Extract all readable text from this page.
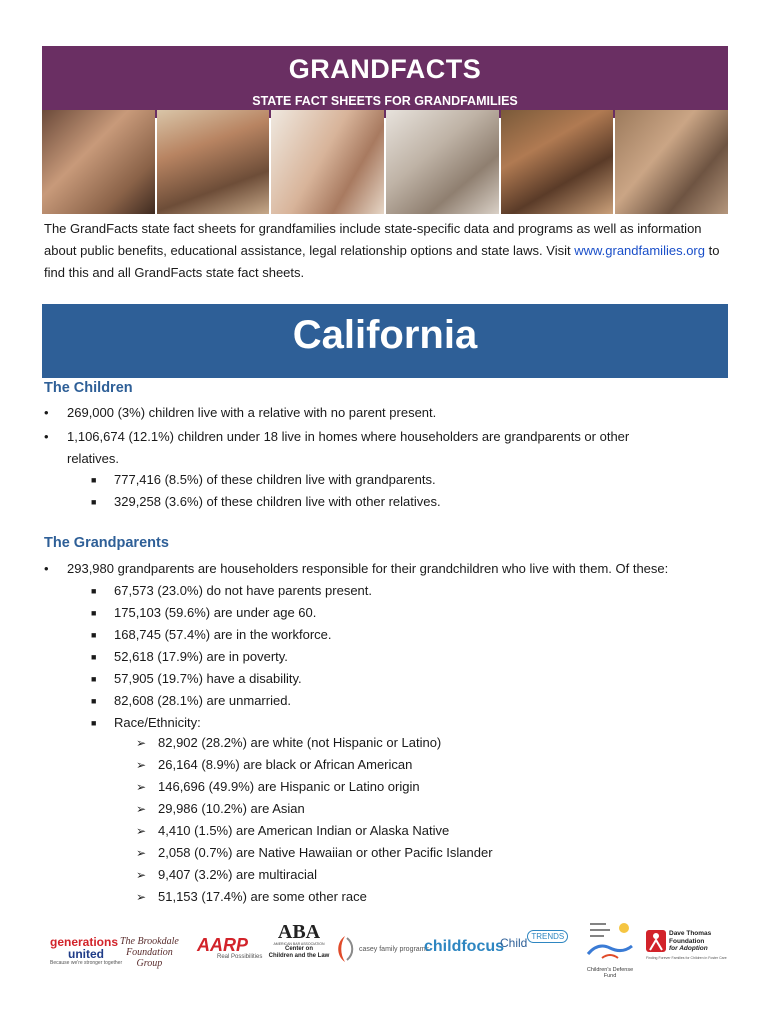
GRANDFACTS
STATE FACT SHEETS FOR GRANDFAMILIES
The GrandFacts state fact sheets for grandfamilies include state-specific data and programs as well as information about public benefits, educational assistance, legal relationship options and state laws. Visit www.grandfamilies.org to find this and all GrandFacts state fact sheets.
California
The Children
• 269,000 (3%) children live with a relative with no parent present.
• 1,106,674 (12.1%) children under 18 live in homes where householders are grandparents or other
relatives.
■ 777,416 (8.5%) of these children live with grandparents.
■ 329,258 (3.6%) of these children live with other relatives.
The Grandparents
• 293,980 grandparents are householders responsible for their grandchildren who live with them. Of these:
■ 67,573 (23.0%) do not have parents present.
■ 175,103 (59.6%) are under age 60.
■ 168,745 (57.4%) are in the workforce.
■ 52,618 (17.9%) are in poverty.
■ 57,905 (19.7%) have a disability.
■ 82,608 (28.1%) are unmarried.
■ Race/Ethnicity:
➢ 82,902 (28.2%) are white (not Hispanic or Latino)
➢ 26,164 (8.9%) are black or African American
➢ 146,696 (49.9%) are Hispanic or Latino origin
➢ 29,986 (10.2%) are Asian
➢ 4,410 (1.5%) are American Indian or Alaska Native
➢ 2,058 (0.7%) are Native Hawaiian or other Pacific Islander
➢ 9,407 (3.2%) are multiracial
➢ 51,153 (17.4%) are some other race
generations
united
Because we're stronger together
The Brookdale
Foundation
Group
AARP
Real Possibilities
ABA
AMERICAN BAR ASSOCIATION
Center on
Children and the Law
casey family programs
childfocus
Child $^{TRENDS}$
Children's Defense Fund
Dave Thomas
Foundation
for Adoption
Finding Forever Families for Children in Foster Care
